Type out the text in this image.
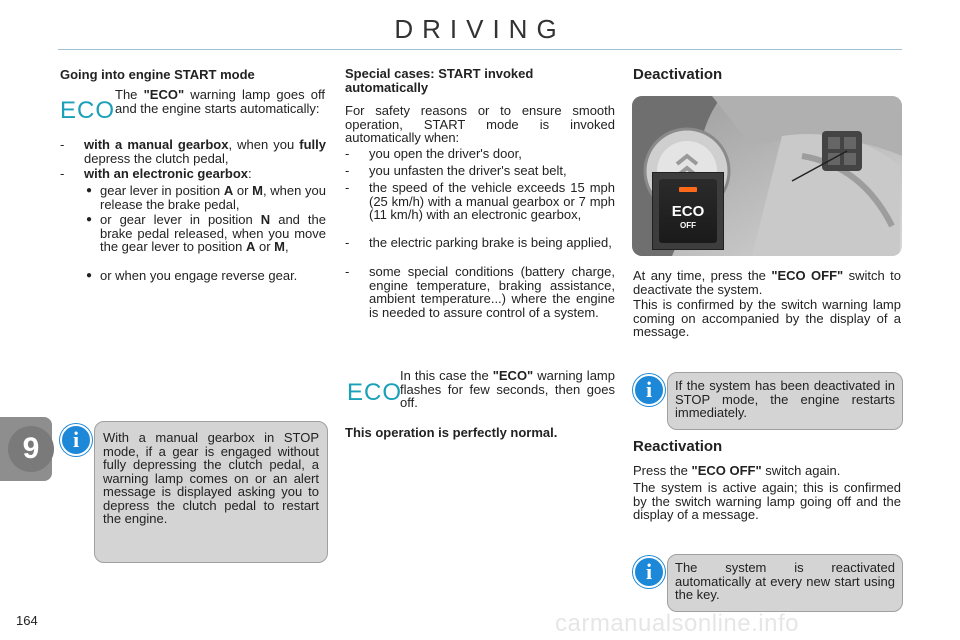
DRIVING
9
Going into engine START mode
ECO

The "ECO" warning lamp goes off and the engine starts automatically:

-	with a manual gearbox, when you fully depress the clutch pedal,
-	with an electronic gearbox:
● gear lever in position A or M, when you release the brake pedal,
● or gear lever in position N and the brake pedal released, when you move the gear lever to position A or M,
● or when you engage reverse gear.
i	With a manual gearbox in STOP mode, if a gear is engaged without fully depressing the clutch pedal, a warning lamp comes on or an alert message is displayed asking you to depress the clutch pedal to restart the engine.

Special cases: START invoked automatically

For safety reasons or to ensure smooth operation, START mode is invoked automatically when:

-	you open the driver's door,
-	you unfasten the driver's seat belt,
-	the speed of the vehicle exceeds 15 mph (25 km/h) with a manual gearbox or 7 mph (11 km/h) with an electronic gearbox,
-	the electric parking brake is being applied,
-	some special conditions (battery charge, engine temperature, braking assistance, ambient temperature...) where the engine is needed to assure control of a system.
ECO

In this case the "ECO" warning lamp flashes for few seconds, then goes off.

This operation is perfectly normal.
Deactivation
ECO
OFF

At any time, press the "ECO OFF" switch to deactivate the system.

This is confirmed by the switch warning lamp coming on accompanied by the display of a message.

i	If the system has been deactivated in STOP mode, the engine restarts immediately.

Reactivation

Press the "ECO OFF" switch again.

The system is active again; this is confirmed by the switch warning lamp going off and the display of a message.

i	The system is reactivated automatically at every new start using the key.

164	carmanualsonline.info
